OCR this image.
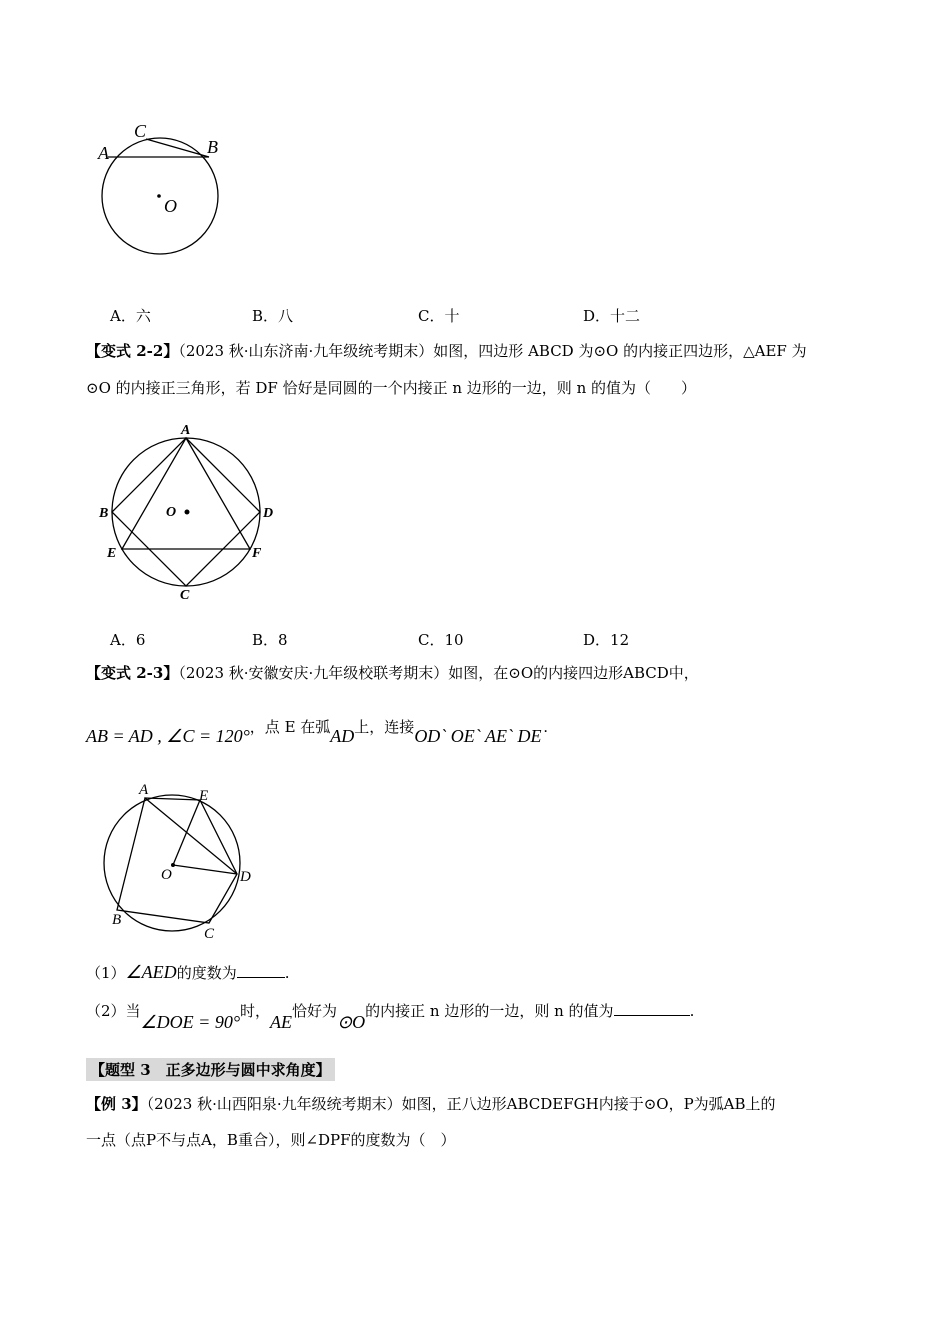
A
C
B
O
A．六	B．八	C．十	D．十二
【变式 2-2】（2023 秋·山东济南·九年级统考期末）如图，四边形 ABCD 为⊙O 的内接正四边形，△AEF 为
⊙O 的内接正三角形，若 DF 恰好是同圆的一个内接正 n 边形的一边，则 n 的值为（　　）
A
B	D
E	F
C
O
A．6	B．8	C．10	D．12
【变式 2-3】（2023 秋·安徽安庆·九年级校联考期末）如图，在⊙O的内接四边形ABCD中，
AB = AD , ∠C = 120°，点 E 在弧AD上，连接OD` OE` AE` DE˙
A	E
O	D
B
C
（1）∠AED的度数为	.
（2）当∠DOE = 90°时，AE恰好为⊙O的内接正 n 边形的一边，则 n 的值为	.
【题型 3　正多边形与圆中求角度】
【例 3】（2023 秋·山西阳泉·九年级统考期末）如图，正八边形ABCDEFGH内接于⊙O，P为弧AB上的
一点（点P不与点A，B重合），则∠DPF的度数为（　）
